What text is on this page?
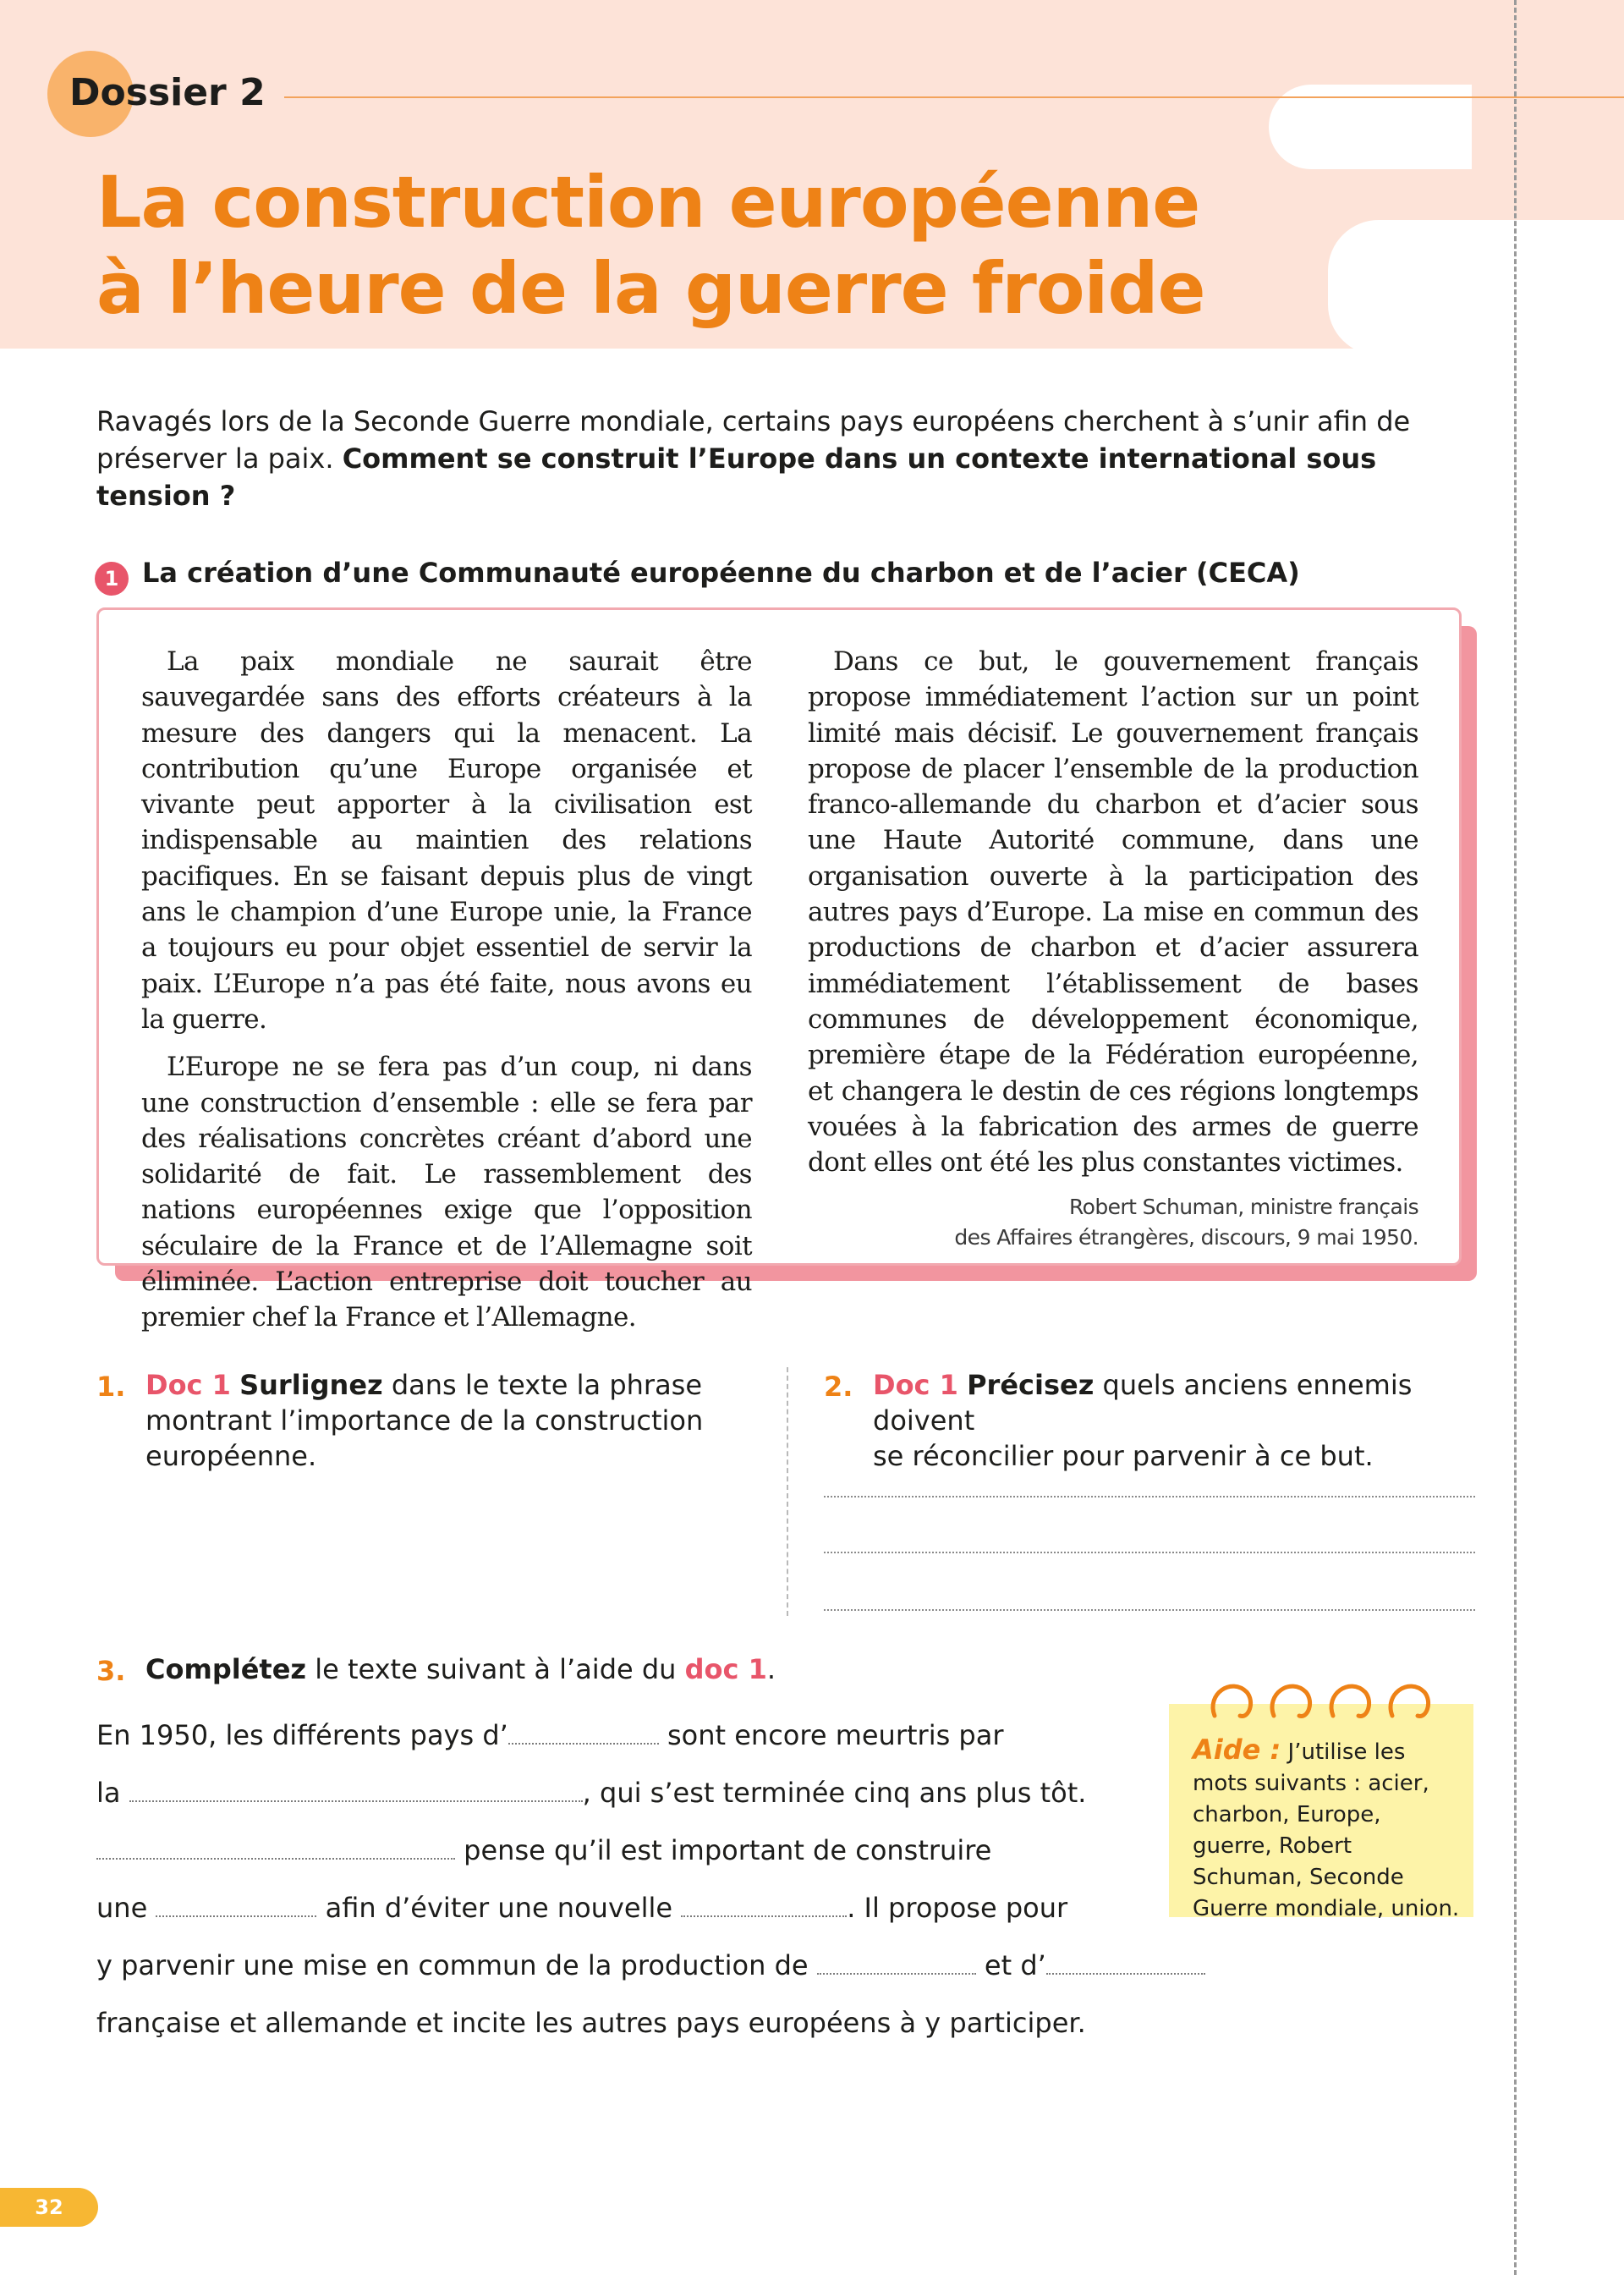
Dossier 2
La construction européenne
à l’heure de la guerre froide

Ravagés lors de la Seconde Guerre mondiale, certains pays européens cherchent à s’unir afin de préserver la paix. Comment se construit l’Europe dans un contexte international sous tension ?

1 La création d’une Communauté européenne du charbon et de l’acier (CECA)

La paix mondiale ne saurait être sauvegardée sans des efforts créateurs à la mesure des dangers qui la menacent. La contribution qu’une Europe organisée et vivante peut apporter à la civilisation est indispensable au maintien des relations pacifiques. En se faisant depuis plus de vingt ans le champion d’une Europe unie, la France a toujours eu pour objet essentiel de servir la paix. L’Europe n’a pas été faite, nous avons eu la guerre.

L’Europe ne se fera pas d’un coup, ni dans une construction d’ensemble : elle se fera par des réalisations concrètes créant d’abord une solidarité de fait. Le rassemblement des nations européennes exige que l’opposition séculaire de la France et de l’Allemagne soit éliminée. L’action entreprise doit toucher au premier chef la France et l’Allemagne.

Dans ce but, le gouvernement français propose immédiatement l’action sur un point limité mais décisif. Le gouvernement français propose de placer l’ensemble de la production franco-allemande du charbon et d’acier sous une Haute Autorité commune, dans une organisation ouverte à la participation des autres pays d’Europe. La mise en commun des productions de charbon et d’acier assurera immédiatement l’établissement de bases communes de développement économique, première étape de la Fédération européenne, et changera le destin de ces régions longtemps vouées à la fabrication des armes de guerre dont elles ont été les plus constantes victimes.

Robert Schuman, ministre français
des Affaires étrangères, discours, 9 mai 1950.

1. Doc 1 Surlignez dans le texte la phrase
montrant l’importance de la construction
européenne.
2. Doc 1 Précisez quels anciens ennemis doivent
se réconcilier pour parvenir à ce but.
3. Complétez le texte suivant à l’aide du doc 1.
En 1950, les différents pays d’	sont encore meurtris par
la	, qui s’est terminée cinq ans plus tôt.
pense qu’il est important de construire
une	afin d’éviter une nouvelle	. Il propose pour
y parvenir une mise en commun de la production de	et d’
française et allemande et incite les autres pays européens à y participer.
Aide : J’utilise les mots suivants : acier, charbon, Europe, guerre, Robert Schuman, Seconde Guerre mondiale, union.
32
